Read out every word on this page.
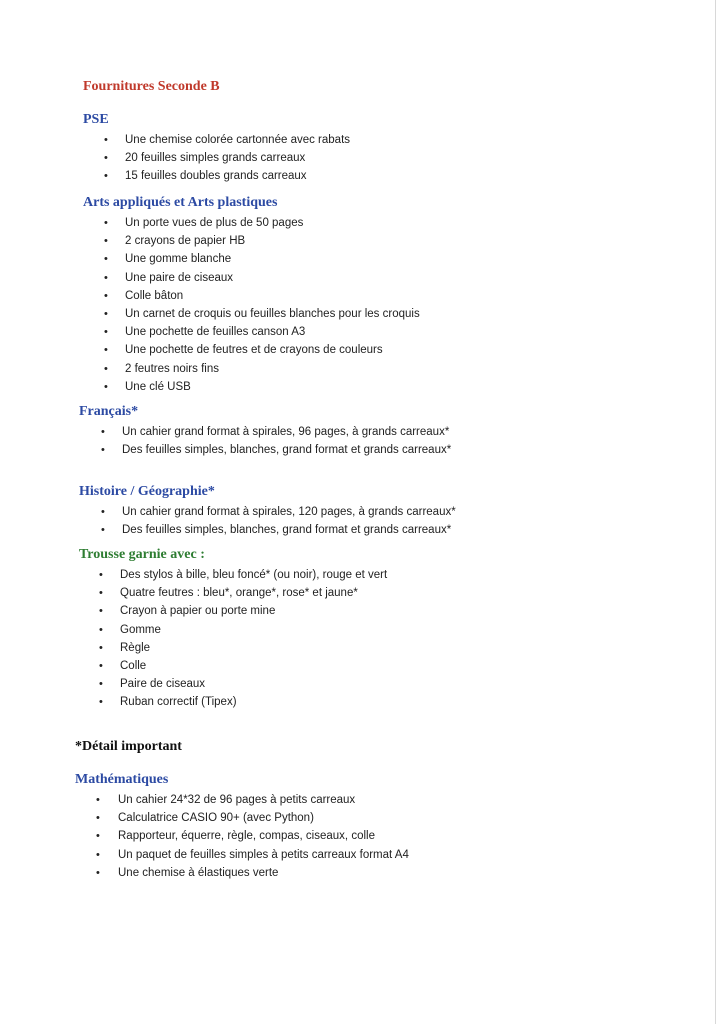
Fournitures Seconde B
PSE
• Une chemise colorée cartonnée avec rabats
• 20 feuilles simples grands carreaux
• 15 feuilles doubles grands carreaux
Arts appliqués et Arts plastiques
• Un porte vues de plus de 50 pages
• 2 crayons de papier HB
• Une gomme blanche
• Une paire de ciseaux
• Colle bâton
• Un carnet de croquis ou feuilles blanches pour les croquis
• Une pochette de feuilles canson A3
• Une pochette de feutres et de crayons de couleurs
• 2 feutres noirs fins
• Une clé USB
Français*
• Un cahier grand format à spirales, 96 pages, à grands carreaux*
• Des feuilles simples, blanches, grand format et grands carreaux*
Histoire / Géographie*
• Un cahier grand format à spirales, 120 pages, à grands carreaux*
• Des feuilles simples, blanches, grand format et grands carreaux*
Trousse garnie avec :
• Des stylos à bille, bleu foncé* (ou noir), rouge et vert
• Quatre feutres : bleu*, orange*, rose* et jaune*
• Crayon à papier ou porte mine
• Gomme
• Règle
• Colle
• Paire de ciseaux
• Ruban correctif (Tipex)
*Détail important
Mathématiques
• Un cahier 24*32 de 96 pages à petits carreaux
• Calculatrice CASIO 90+ (avec Python)
• Rapporteur, équerre, règle, compas, ciseaux, colle
• Un paquet de feuilles simples à petits carreaux format A4
• Une chemise à élastiques verte
